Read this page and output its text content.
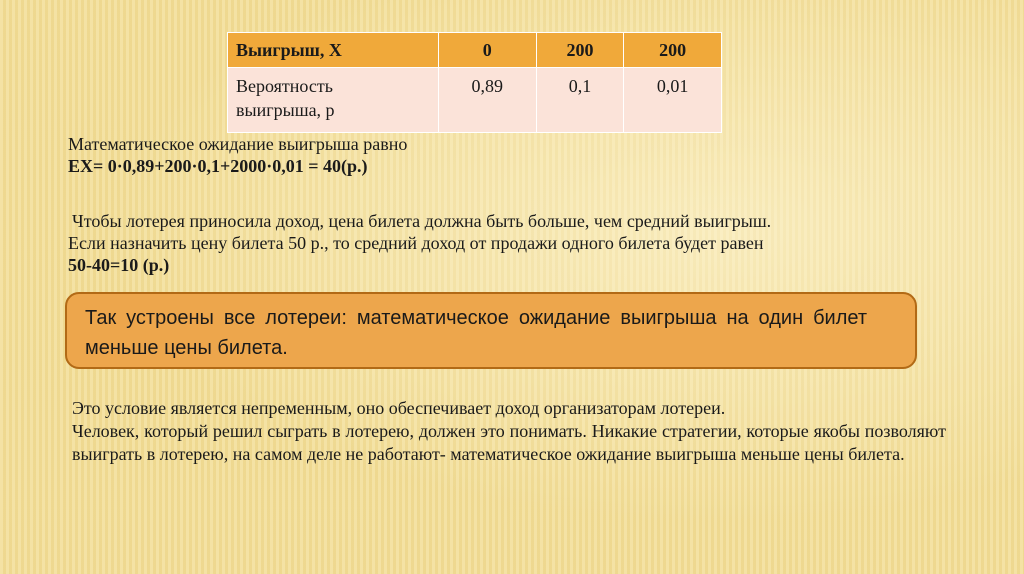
Выигрыш, Х	0	200	200
Вероятность
выигрыша, р	0,89	0,1	0,01
Математическое ожидание выигрыша равно
EX= 0·0,89+200·0,1+2000·0,01 = 40(р.)
Чтобы лотерея приносила доход, цена билета должна быть больше, чем средний выигрыш.
Если назначить цену билета 50 р., то средний доход от продажи одного билета будет равен
50-40=10 (р.)
Так устроены все лотереи: математическое ожидание выигрыша на один билет меньше цены билета.
Это условие является непременным, оно обеспечивает доход организаторам лотереи.
Человек, который решил сыграть в лотерею, должен это понимать. Никакие стратегии, которые якобы позволяют выиграть в лотерею, на самом деле не работают- математическое ожидание выигрыша меньше цены билета.
